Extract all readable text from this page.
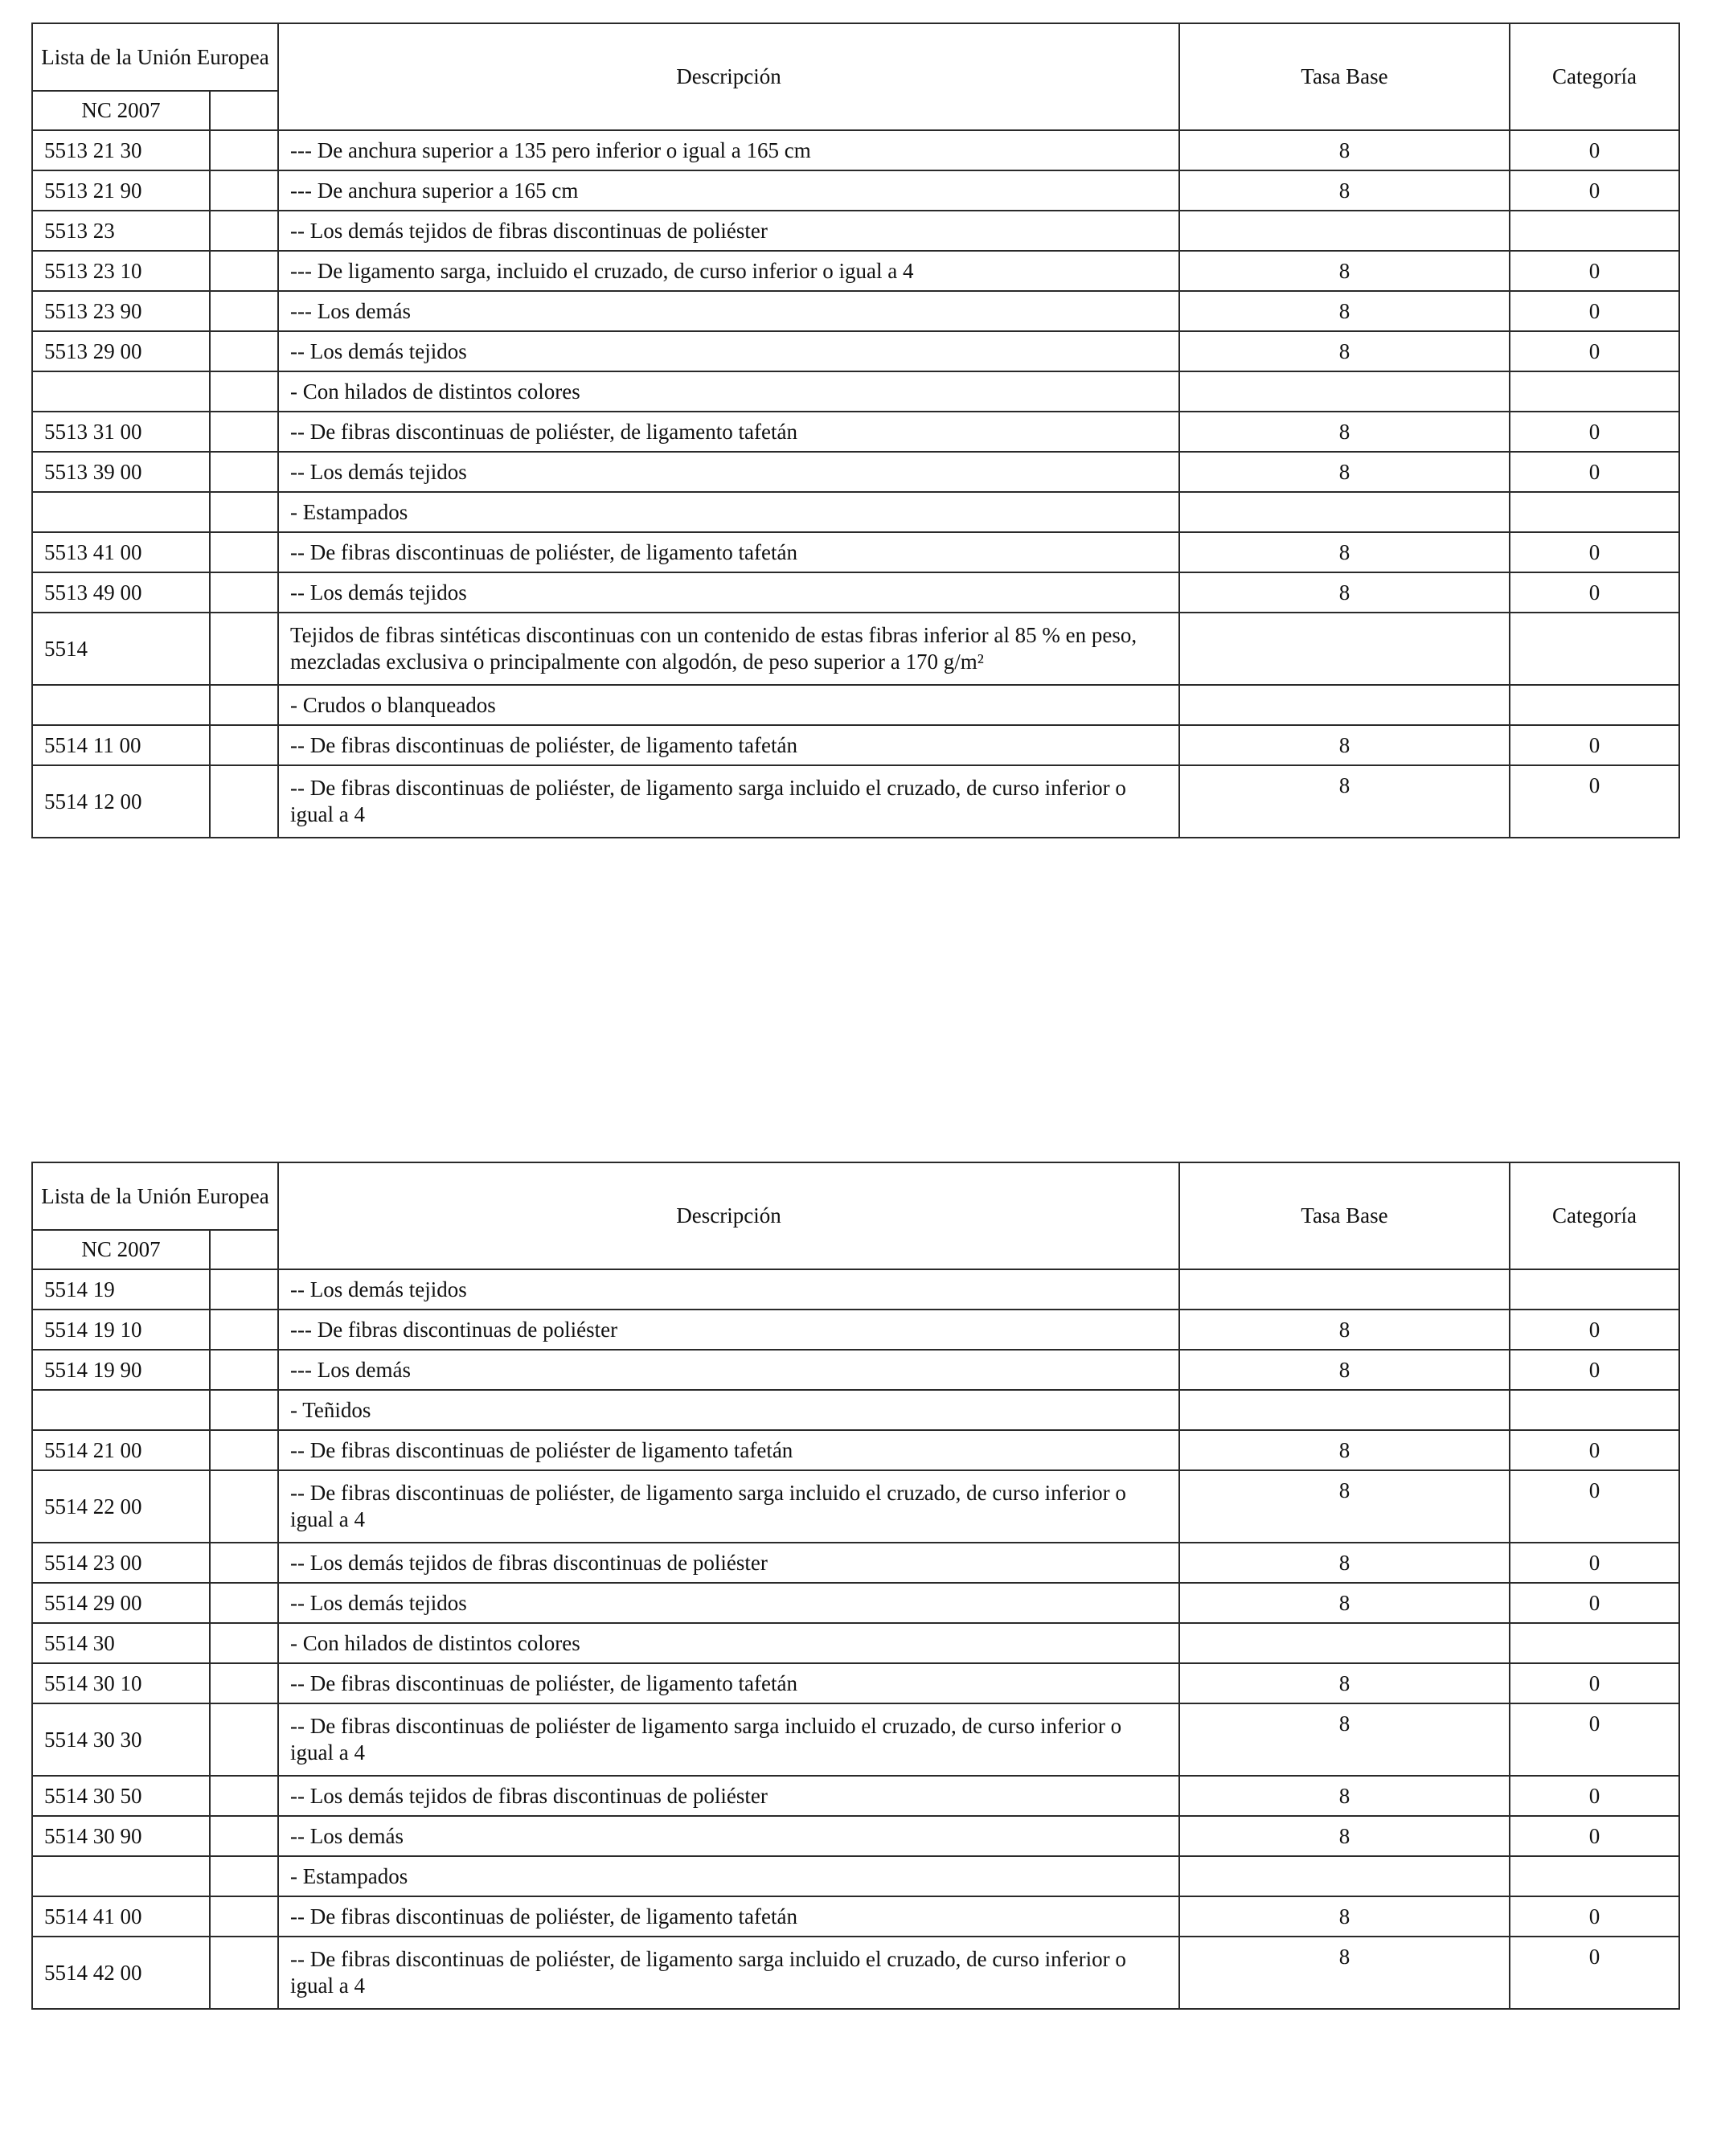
Lista de la Unión Europea		Descripción	Tasa Base	Categoría
NC 2007				
5513 21 30		--- De anchura superior a 135 pero inferior o igual a 165 cm	8	0
5513 21 90		--- De anchura superior a 165 cm	8	0
5513 23		-- Los demás tejidos de fibras discontinuas de poliéster		
5513 23 10		--- De ligamento sarga, incluido el cruzado, de curso inferior o igual a 4	8	0
5513 23 90		--- Los demás	8	0
5513 29 00		-- Los demás tejidos	8	0
		- Con hilados de distintos colores		
5513 31 00		-- De fibras discontinuas de poliéster, de ligamento tafetán	8	0
5513 39 00		-- Los demás tejidos	8	0
		- Estampados		
5513 41 00		-- De fibras discontinuas de poliéster, de ligamento tafetán	8	0
5513 49 00		-- Los demás tejidos	8	0
5514		Tejidos de fibras sintéticas discontinuas con un contenido de estas fibras inferior al 85 % en peso, mezcladas exclusiva o principalmente con algodón, de peso superior a 170 g/m²		
		- Crudos o blanqueados		
5514 11 00		-- De fibras discontinuas de poliéster, de ligamento tafetán	8	0
5514 12 00		-- De fibras discontinuas de poliéster, de ligamento sarga incluido el cruzado, de curso inferior o igual a 4	8	0
Lista de la Unión Europea		Descripción	Tasa Base	Categoría
NC 2007				
5514 19		-- Los demás tejidos		
5514 19 10		--- De fibras discontinuas de poliéster	8	0
5514 19 90		--- Los demás	8	0
		- Teñidos		
5514 21 00		-- De fibras discontinuas de poliéster de ligamento tafetán	8	0
5514 22 00		-- De fibras discontinuas de poliéster, de ligamento sarga incluido el cruzado, de curso inferior o igual a 4	8	0
5514 23 00		-- Los demás tejidos de fibras discontinuas de poliéster	8	0
5514 29 00		-- Los demás tejidos	8	0
5514 30		- Con hilados de distintos colores		
5514 30 10		-- De fibras discontinuas de poliéster, de ligamento tafetán	8	0
5514 30 30		-- De fibras discontinuas de poliéster de ligamento sarga incluido el cruzado, de curso inferior o igual a 4	8	0
5514 30 50		-- Los demás tejidos de fibras discontinuas de poliéster	8	0
5514 30 90		-- Los demás	8	0
		- Estampados		
5514 41 00		-- De fibras discontinuas de poliéster, de ligamento tafetán	8	0
5514 42 00		-- De fibras discontinuas de poliéster, de ligamento sarga incluido el cruzado, de curso inferior o igual a 4	8	0
